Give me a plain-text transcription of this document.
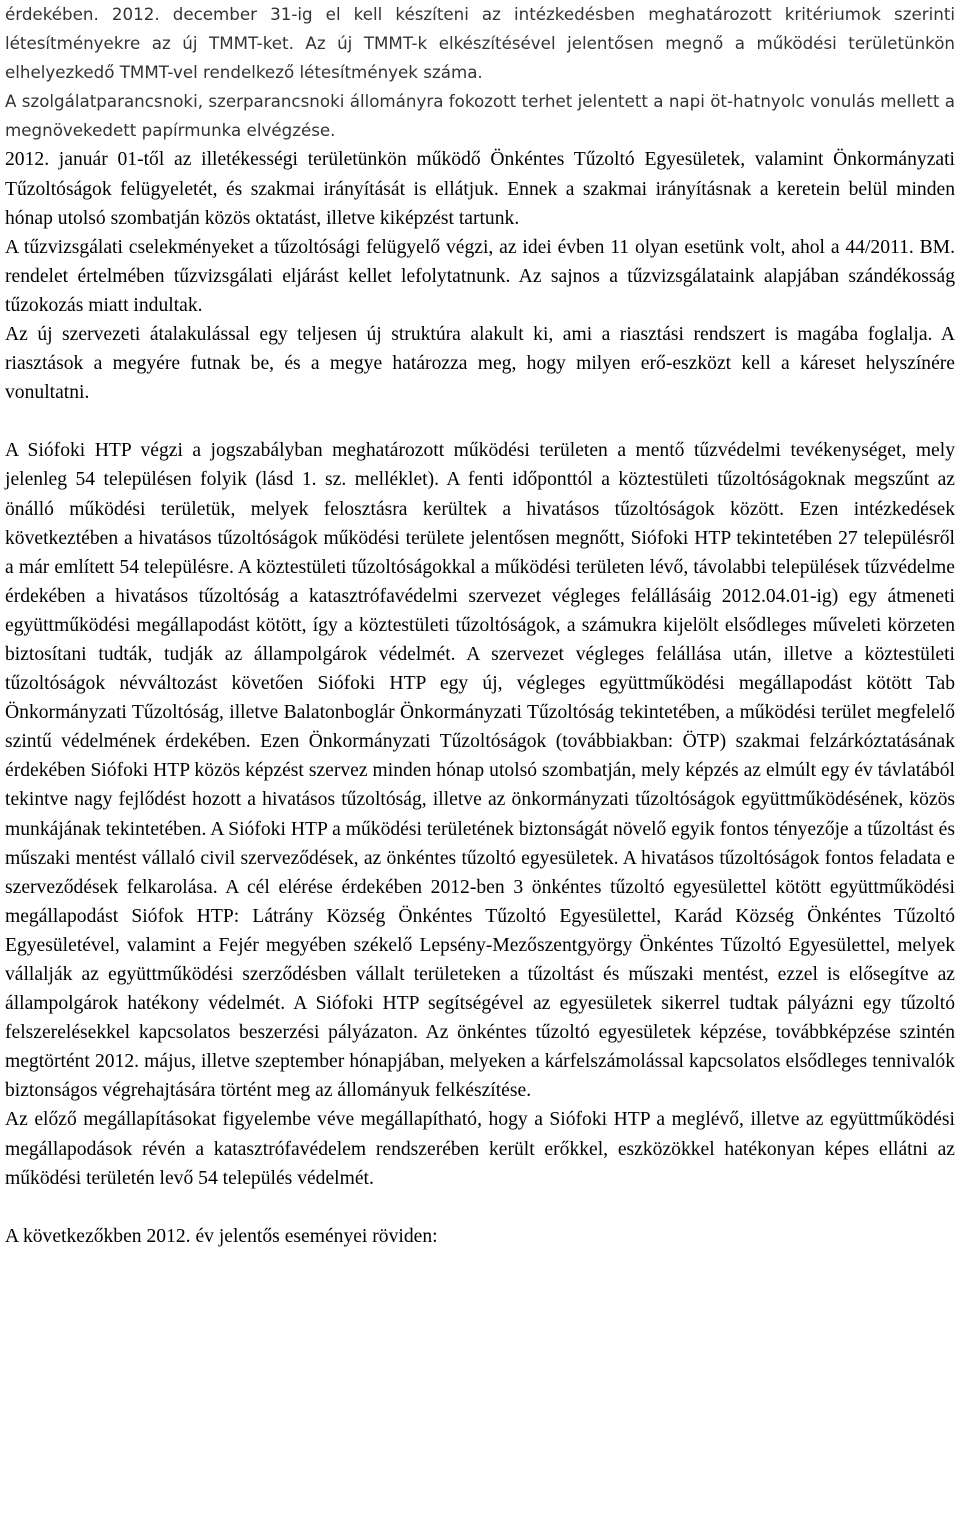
érdekében. 2012. december 31-ig el kell készíteni az intézkedésben meghatározott kritériumok szerinti létesítményekre az új TMMT-ket. Az új TMMT-k elkészítésével jelentősen megnő a működési területünkön elhelyezkedő TMMT-vel rendelkező létesítmények száma.

A szolgálatparancsnoki, szerparancsnoki állományra fokozott terhet jelentett a napi öt-hatnyolc vonulás mellett a megnövekedett papírmunka elvégzése.

2012. január 01-től az illetékességi területünkön működő Önkéntes Tűzoltó Egyesületek, valamint Önkormányzati Tűzoltóságok felügyeletét, és szakmai irányítását is ellátjuk. Ennek a szakmai irányításnak a keretein belül minden hónap utolsó szombatján közös oktatást, illetve kiképzést tartunk.

A tűzvizsgálati cselekményeket a tűzoltósági felügyelő végzi, az idei évben 11 olyan esetünk volt, ahol a 44/2011. BM. rendelet értelmében tűzvizsgálati eljárást kellet lefolytatnunk. Az sajnos a tűzvizsgálataink alapjában szándékosság tűzokozás miatt indultak.

Az új szervezeti átalakulással egy teljesen új struktúra alakult ki, ami a riasztási rendszert is magába foglalja. A riasztások a megyére futnak be, és a megye határozza meg, hogy milyen erő-eszközt kell a káreset helyszínére vonultatni.

A Siófoki HTP végzi a jogszabályban meghatározott működési területen a mentő tűzvédelmi tevékenységet, mely jelenleg 54 településen folyik (lásd 1. sz. melléklet). A fenti időponttól a köztestületi tűzoltóságoknak megszűnt az önálló működési területük, melyek felosztásra kerültek a hivatásos tűzoltóságok között. Ezen intézkedések következtében a hivatásos tűzoltóságok működési területe jelentősen megnőtt, Siófoki HTP tekintetében 27 településről a már említett 54 településre. A köztestületi tűzoltóságokkal a működési területen lévő, távolabbi települések tűzvédelme érdekében a hivatásos tűzoltóság a katasztrófavédelmi szervezet végleges felállásáig 2012.04.01-ig) egy átmeneti együttműködési megállapodást kötött, így a köztestületi tűzoltóságok, a számukra kijelölt elsődleges műveleti körzeten biztosítani tudták, tudják az állampolgárok védelmét. A szervezet végleges felállása után, illetve a köztestületi tűzoltóságok névváltozást követően Siófoki HTP egy új, végleges együttműködési megállapodást kötött Tab Önkormányzati Tűzoltóság, illetve Balatonboglár Önkormányzati Tűzoltóság tekintetében, a működési terület megfelelő szintű védelmének érdekében. Ezen Önkormányzati Tűzoltóságok (továbbiakban: ÖTP) szakmai felzárkóztatásának érdekében Siófoki HTP közös képzést szervez minden hónap utolsó szombatján, mely képzés az elmúlt egy év távlatából tekintve nagy fejlődést hozott a hivatásos tűzoltóság, illetve az önkormányzati tűzoltóságok együttműködésének, közös munkájának tekintetében. A Siófoki HTP a működési területének biztonságát növelő egyik fontos tényezője a tűzoltást és műszaki mentést vállaló civil szerveződések, az önkéntes tűzoltó egyesületek. A hivatásos tűzoltóságok fontos feladata e szerveződések felkarolása. A cél elérése érdekében 2012-ben 3 önkéntes tűzoltó egyesülettel kötött együttműködési megállapodást Siófok HTP: Látrány Község Önkéntes Tűzoltó Egyesülettel, Karád Község Önkéntes Tűzoltó Egyesületével, valamint a Fejér megyében székelő Lepsény-Mezőszentgyörgy Önkéntes Tűzoltó Egyesülettel, melyek vállalják az együttműködési szerződésben vállalt területeken a tűzoltást és műszaki mentést, ezzel is elősegítve az állampolgárok hatékony védelmét. A Siófoki HTP segítségével az egyesületek sikerrel tudtak pályázni egy tűzoltó felszerelésekkel kapcsolatos beszerzési pályázaton. Az önkéntes tűzoltó egyesületek képzése, továbbképzése szintén megtörtént 2012. május, illetve szeptember hónapjában, melyeken a kárfelszámolással kapcsolatos elsődleges tennivalók biztonságos végrehajtására történt meg az állományuk felkészítése.

Az előző megállapításokat figyelembe véve megállapítható, hogy a Siófoki HTP a meglévő, illetve az együttműködési megállapodások révén a katasztrófavédelem rendszerében került erőkkel, eszközökkel hatékonyan képes ellátni az működési területén levő 54 település védelmét.

A következőkben 2012. év jelentős eseményei röviden:
